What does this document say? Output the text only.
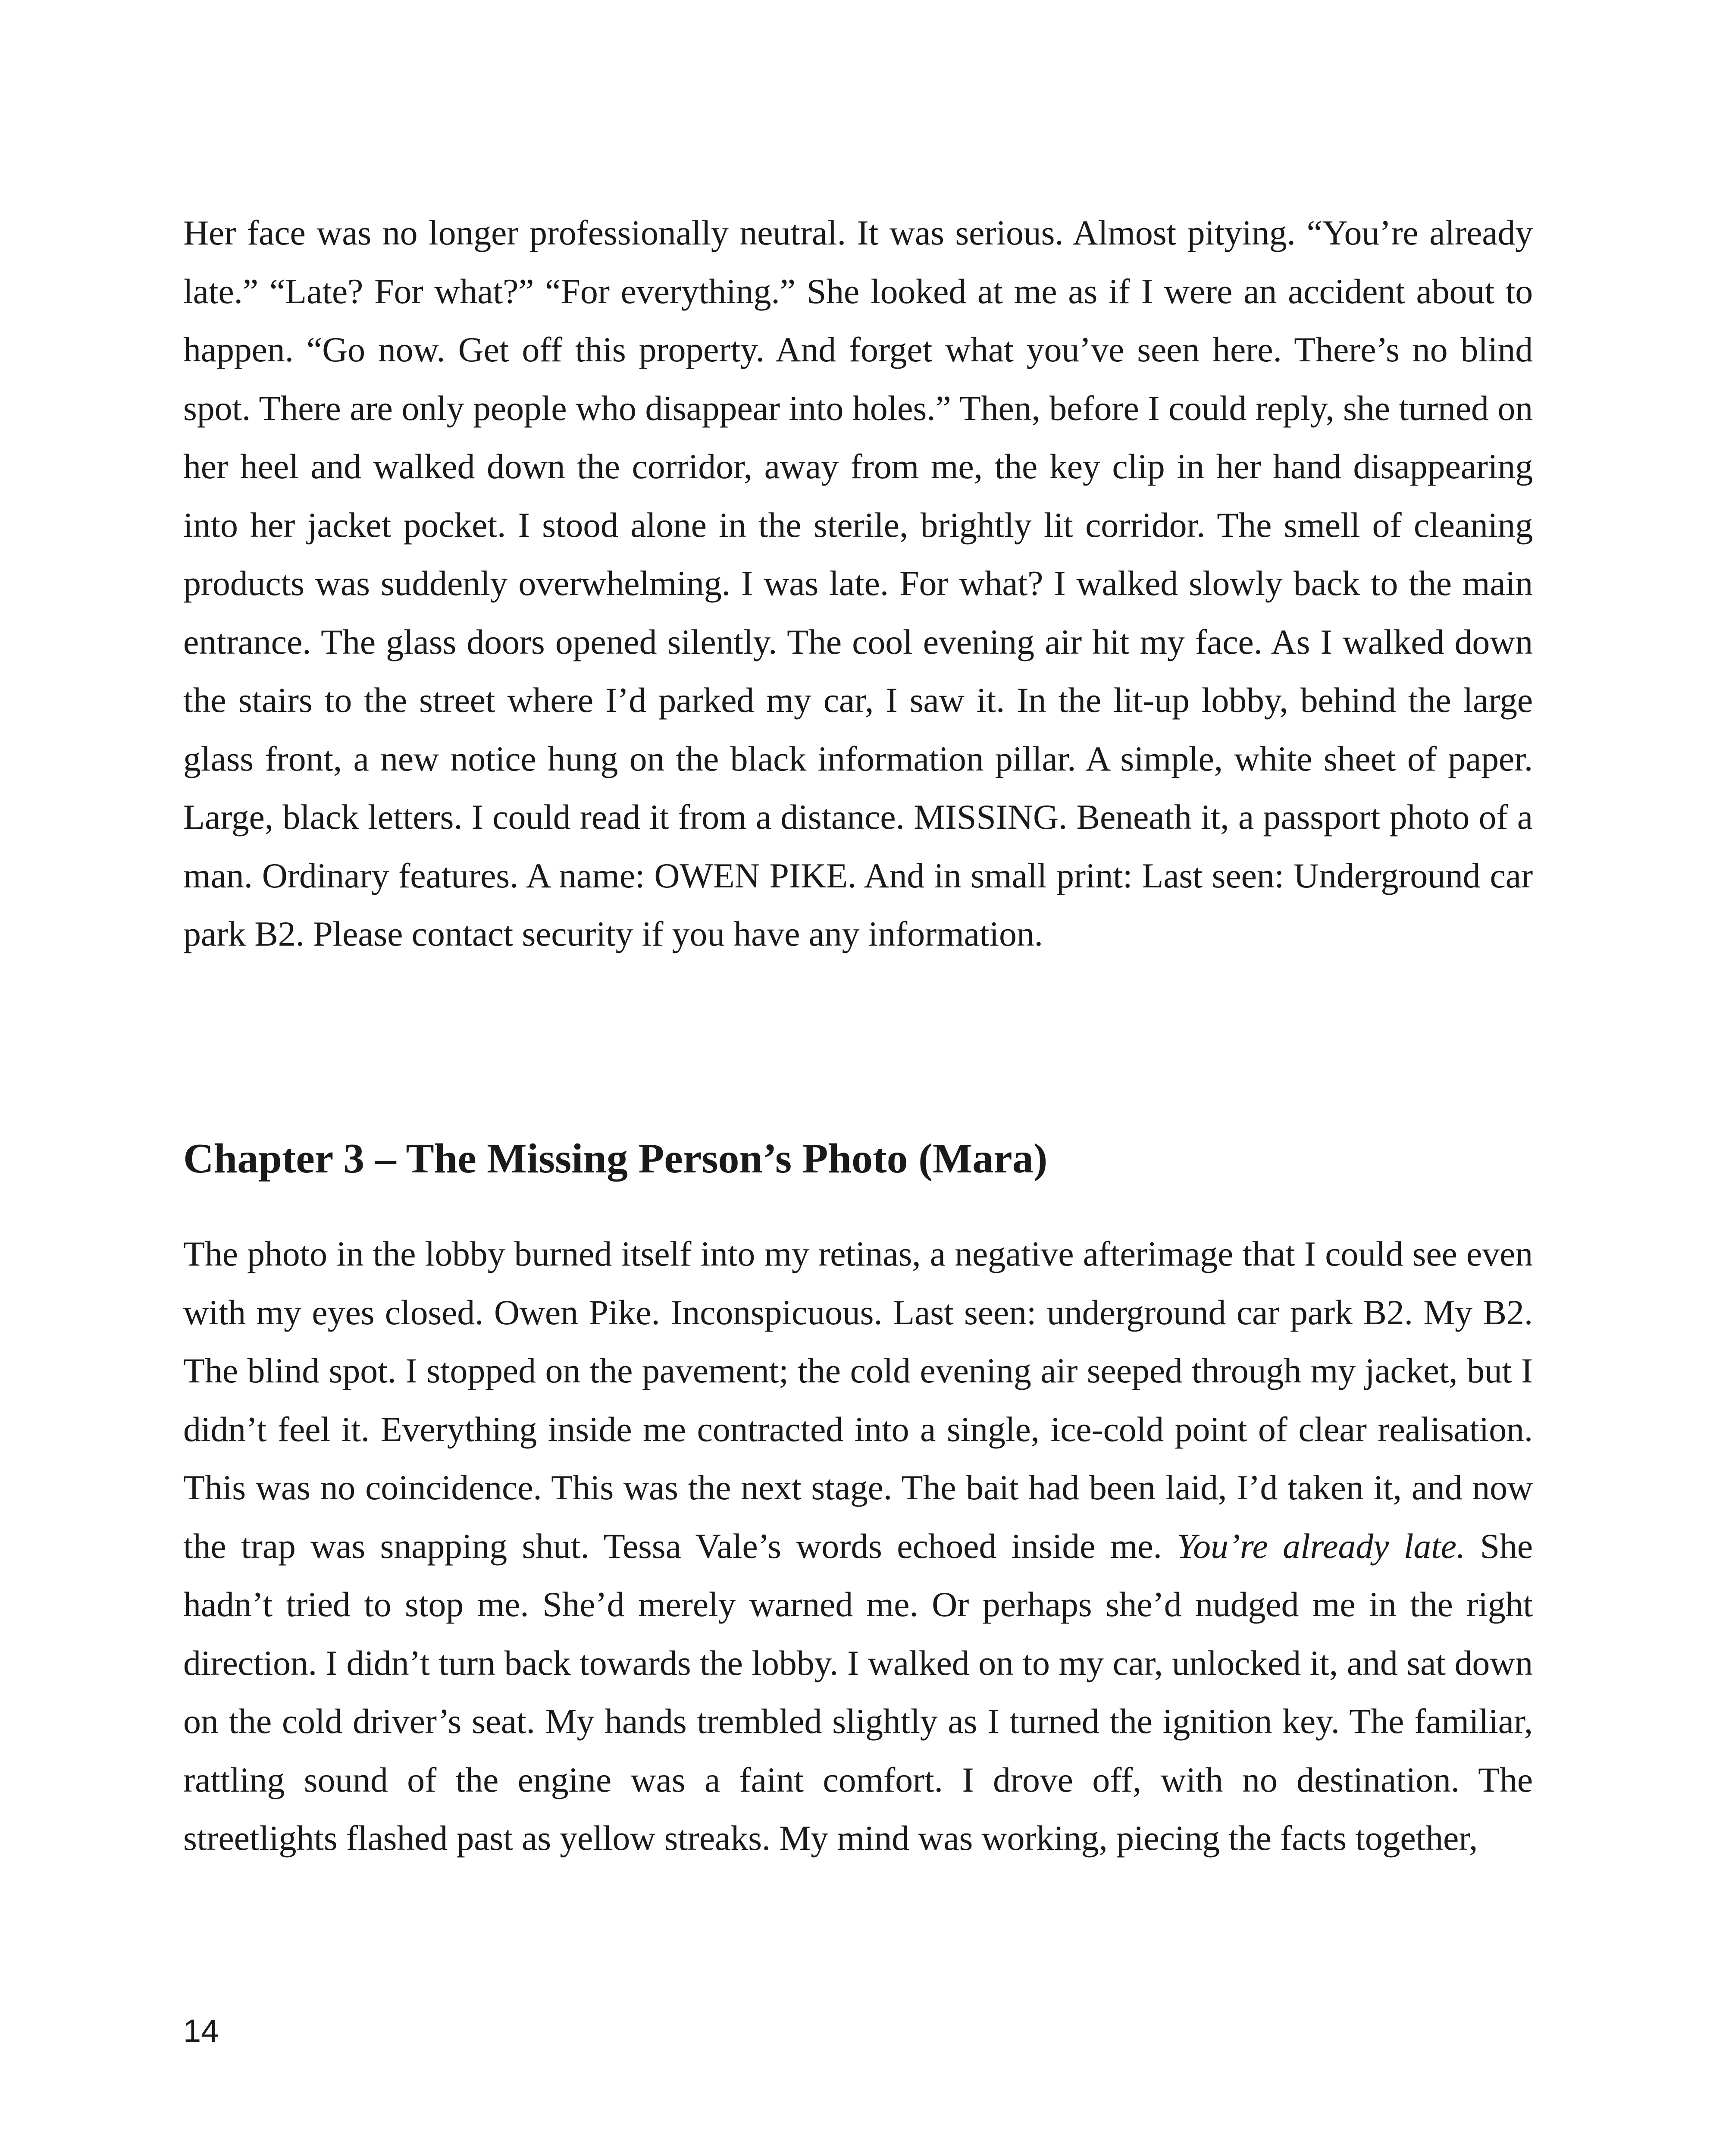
Her face was no longer professionally neutral. It was serious. Almost pitying. “You’re already late.” “Late? For what?” “For everything.” She looked at me as if I were an accident about to happen. “Go now. Get off this property. And forget what you’ve seen here. There’s no blind spot. There are only people who disappear into holes.” Then, before I could reply, she turned on her heel and walked down the corridor, away from me, the key clip in her hand disappearing into her jacket pocket. I stood alone in the sterile, brightly lit corridor. The smell of cleaning products was suddenly overwhelming. I was late. For what? I walked slowly back to the main entrance. The glass doors opened silently. The cool evening air hit my face. As I walked down the stairs to the street where I’d parked my car, I saw it. In the lit-up lobby, behind the large glass front, a new notice hung on the black information pillar. A simple, white sheet of paper. Large, black letters. I could read it from a distance. MISSING. Beneath it, a passport photo of a man. Ordinary features. A name: OWEN PIKE. And in small print: Last seen: Underground car park B2. Please contact security if you have any information.

Chapter 3 – The Missing Person’s Photo (Mara)

The photo in the lobby burned itself into my retinas, a negative afterimage that I could see even with my eyes closed. Owen Pike. Inconspicuous. Last seen: underground car park B2. My B2. The blind spot. I stopped on the pavement; the cold evening air seeped through my jacket, but I didn’t feel it. Everything inside me contracted into a single, ice-cold point of clear realisation. This was no coincidence. This was the next stage. The bait had been laid, I’d taken it, and now the trap was snapping shut. Tessa Vale’s words echoed inside me. You’re already late. She hadn’t tried to stop me. She’d merely warned me. Or perhaps she’d nudged me in the right direction. I didn’t turn back towards the lobby. I walked on to my car, unlocked it, and sat down on the cold driver’s seat. My hands trembled slightly as I turned the ignition key. The familiar, rattling sound of the engine was a faint comfort. I drove off, with no destination. The streetlights flashed past as yellow streaks. My mind was working, piecing the facts together,

14
